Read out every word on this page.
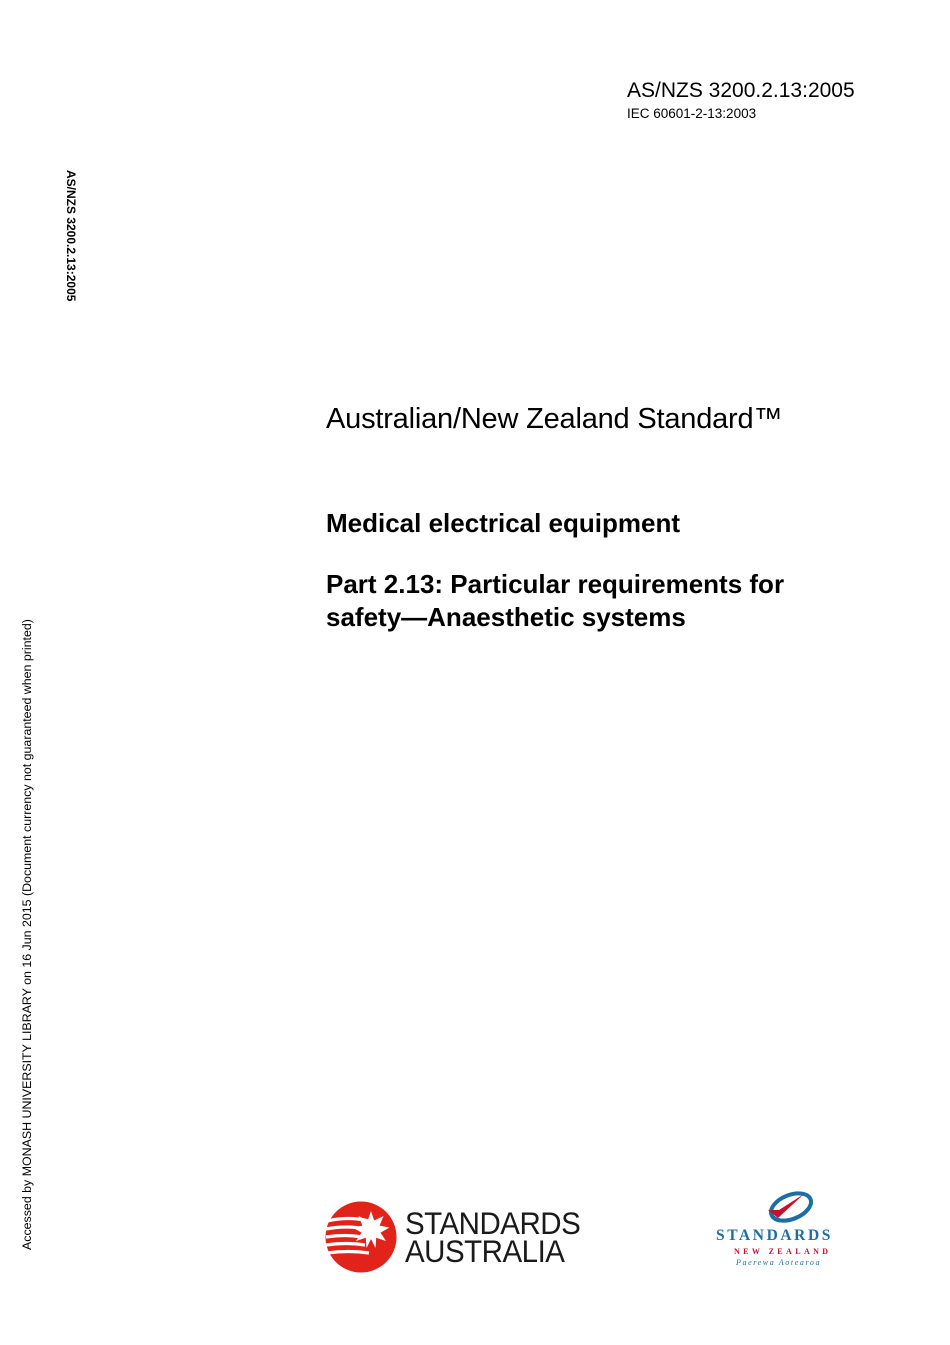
AS/NZS 3200.2.13:2005
IEC 60601-2-13:2003
AS/NZS 3200.2.13:2005
Accessed by MONASH UNIVERSITY LIBRARY on 16 Jun 2015 (Document currency not guaranteed when printed)
Australian/New Zealand Standard™
Medical electrical equipment
Part 2.13: Particular requirements for
safety—Anaesthetic systems
STANDARDS
AUSTRALIA	STANDARDS
NEW ZEALAND
Paerewa Aotearoa
